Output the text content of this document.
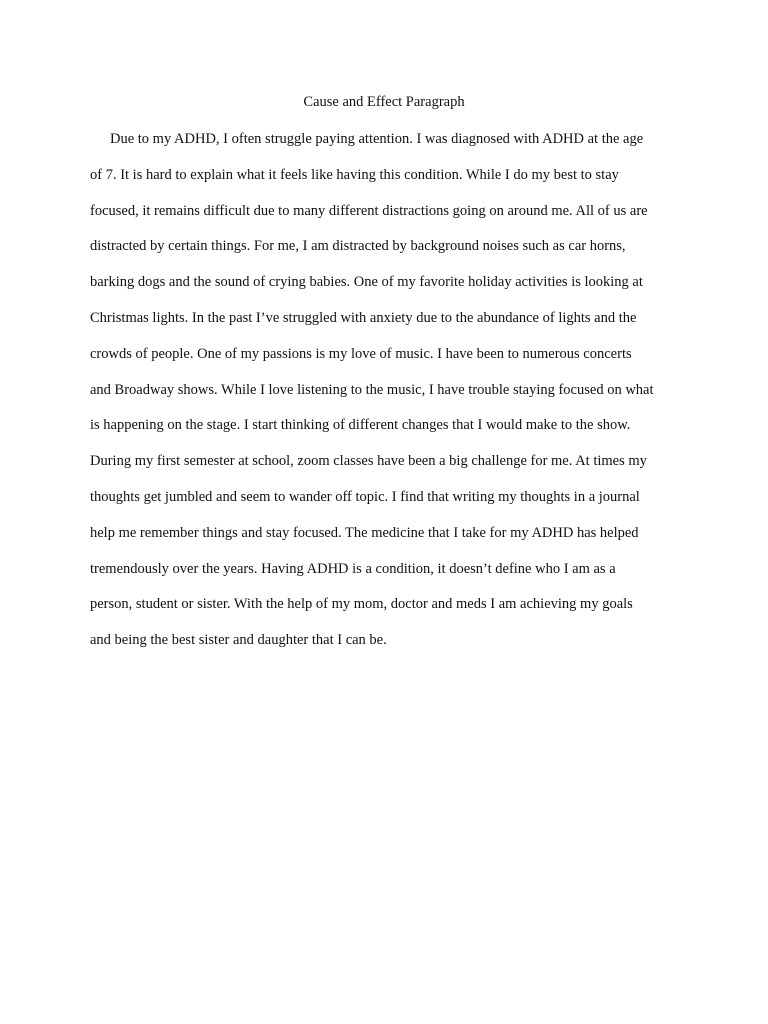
Cause and Effect Paragraph
Due to my ADHD, I often struggle paying attention. I was diagnosed with ADHD at the age
of 7. It is hard to explain what it feels like having this condition. While I do my best to stay
focused, it remains difficult due to many different distractions going on around me. All of us are
distracted by certain things. For me, I am distracted by background noises such as car horns,
barking dogs and the sound of crying babies. One of my favorite holiday activities is looking at
Christmas lights. In the past I’ve struggled with anxiety due to the abundance of lights and the
crowds of people. One of my passions is my love of music. I have been to numerous concerts
and Broadway shows. While I love listening to the music, I have trouble staying focused on what
is happening on the stage. I start thinking of different changes that I would make to the show.
During my first semester at school, zoom classes have been a big challenge for me. At times my
thoughts get jumbled and seem to wander off topic. I find that writing my thoughts in a journal
help me remember things and stay focused. The medicine that I take for my ADHD has helped
tremendously over the years. Having ADHD is a condition, it doesn’t define who I am as a
person, student or sister. With the help of my mom, doctor and meds I am achieving my goals
and being the best sister and daughter that I can be.
